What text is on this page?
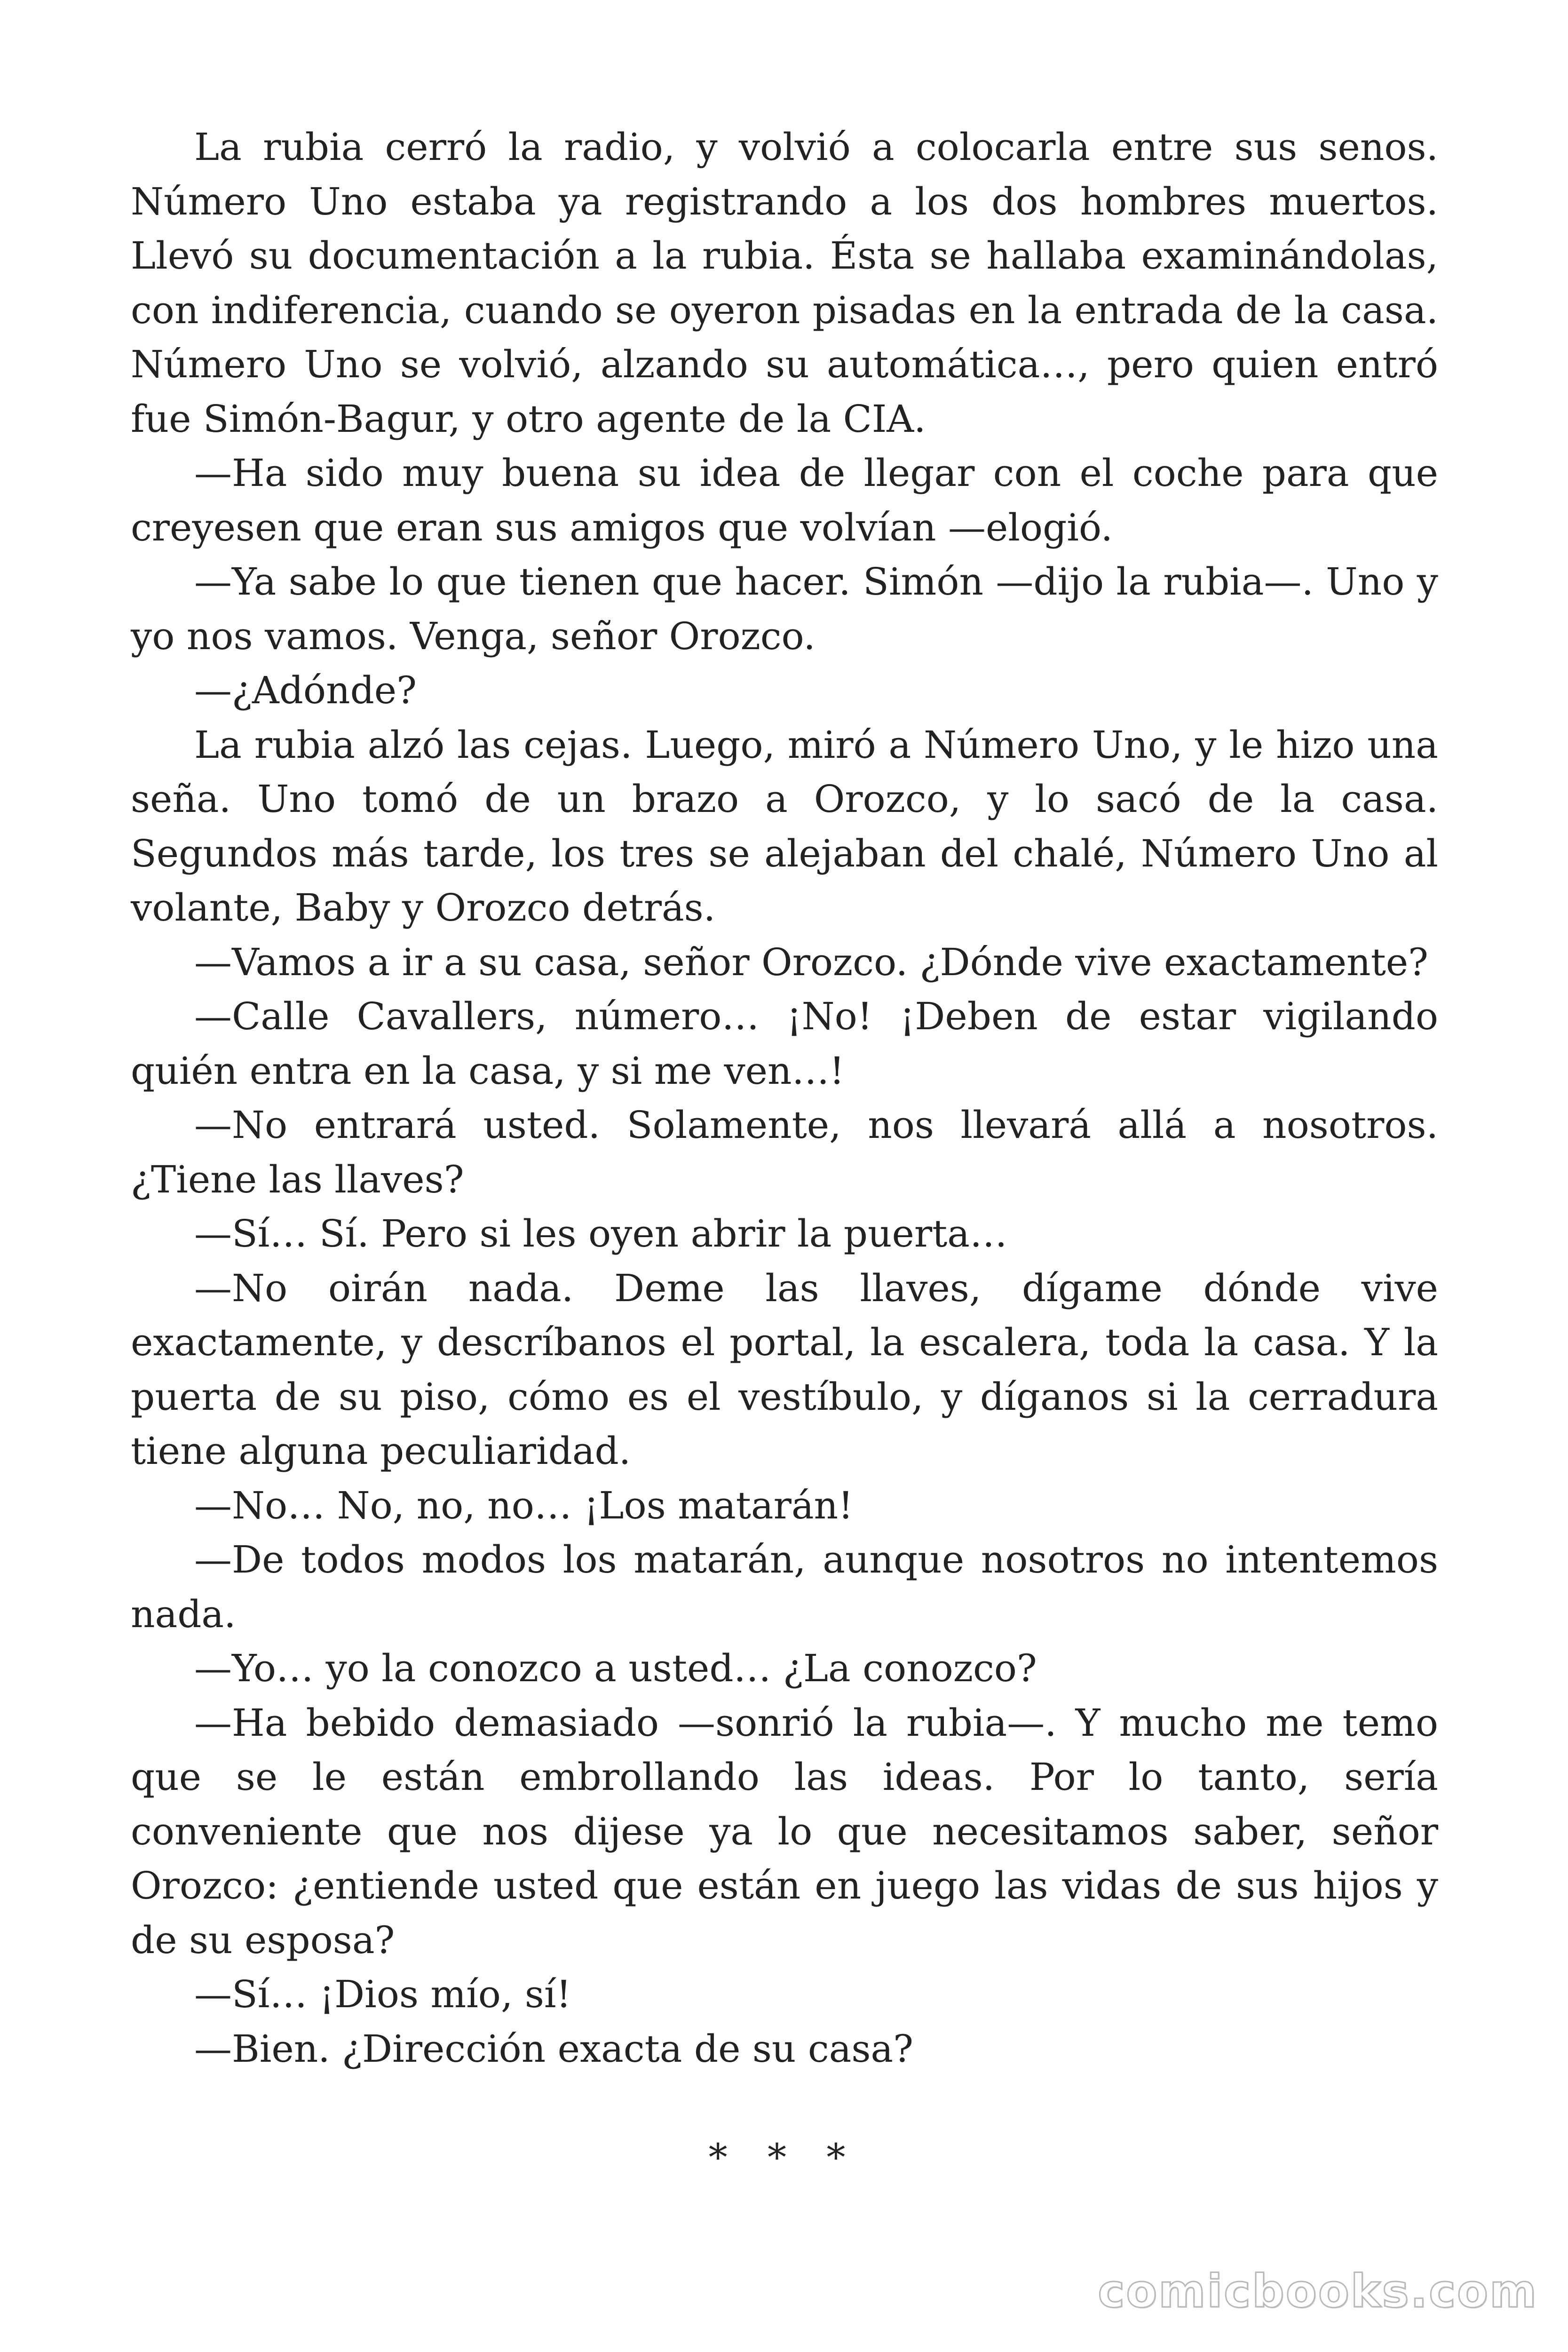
La rubia cerró la radio, y volvió a colocarla entre sus senos. Número Uno estaba ya registrando a los dos hombres muertos. Llevó su documentación a la rubia. Ésta se hallaba examinándolas, con indiferencia, cuando se oyeron pisadas en la entrada de la casa. Número Uno se volvió, alzando su automática…, pero quien entró fue Simón-Bagur, y otro agente de la CIA.

—Ha sido muy buena su idea de llegar con el coche para que creyesen que eran sus amigos que volvían —elogió.

—Ya sabe lo que tienen que hacer. Simón —dijo la rubia—. Uno y yo nos vamos. Venga, señor Orozco.

—¿Adónde?

La rubia alzó las cejas. Luego, miró a Número Uno, y le hizo una seña. Uno tomó de un brazo a Orozco, y lo sacó de la casa. Segundos más tarde, los tres se alejaban del chalé, Número Uno al volante, Baby y Orozco detrás.

—Vamos a ir a su casa, señor Orozco. ¿Dónde vive exactamente?

—Calle Cavallers, número… ¡No! ¡Deben de estar vigilando quién entra en la casa, y si me ven…!

—No entrará usted. Solamente, nos llevará allá a nosotros. ¿Tiene las llaves?

—Sí… Sí. Pero si les oyen abrir la puerta…

—No oirán nada. Deme las llaves, dígame dónde vive exactamente, y descríbanos el portal, la escalera, toda la casa. Y la puerta de su piso, cómo es el vestíbulo, y díganos si la cerradura tiene alguna peculiaridad.

—No… No, no, no… ¡Los matarán!

—De todos modos los matarán, aunque nosotros no intentemos nada.

—Yo… yo la conozco a usted… ¿La conozco?

—Ha bebido demasiado —sonrió la rubia—. Y mucho me temo que se le están embrollando las ideas. Por lo tanto, sería conveniente que nos dijese ya lo que necesitamos saber, señor Orozco: ¿entiende usted que están en juego las vidas de sus hijos y de su esposa?

—Sí… ¡Dios mío, sí!

—Bien. ¿Dirección exacta de su casa?

* * *
comicbooks.com
